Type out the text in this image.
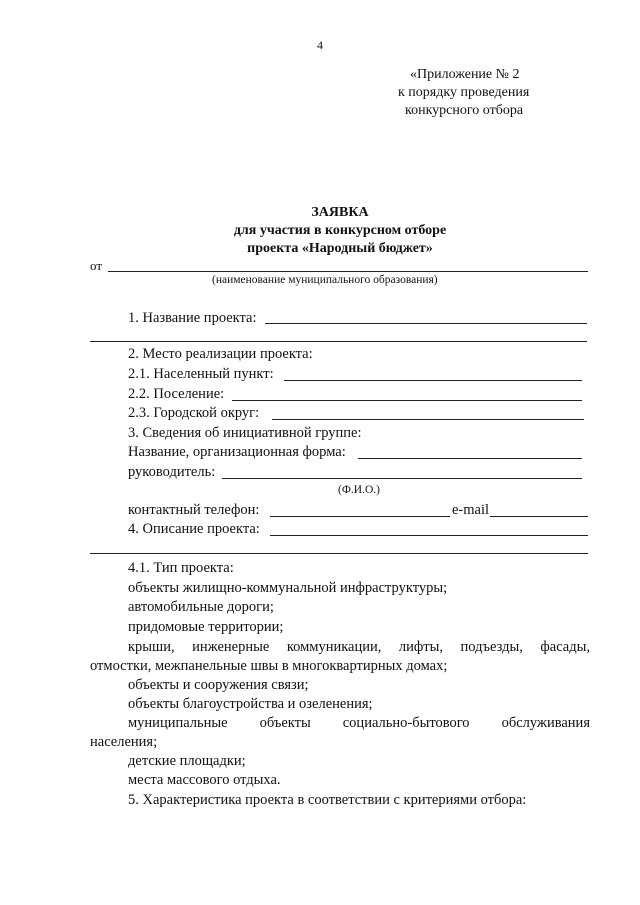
4
«Приложение № 2
к порядку проведения
конкурсного отбора
ЗАЯВКА
для участия в конкурсном отборе
проекта «Народный бюджет»
от
(наименование муниципального образования)
1. Название проекта:
2. Место реализации проекта:
2.1. Населенный пункт:
2.2. Поселение:
2.3. Городской округ:
3. Сведения об инициативной группе:
Название, организационная форма:
руководитель:
(Ф.И.О.)
контактный телефон:	e-mail
4. Описание проекта:
4.1. Тип проекта:
объекты жилищно-коммунальной инфраструктуры;
автомобильные дороги;
придомовые территории;
крыши, инженерные коммуникации, лифты, подъезды, фасады,
отмостки, межпанельные швы в многоквартирных домах;
объекты и сооружения связи;
объекты благоустройства и озеленения;
муниципальные объекты социально-бытового обслуживания
населения;
детские площадки;
места массового отдыха.
5. Характеристика проекта в соответствии с критериями отбора:
